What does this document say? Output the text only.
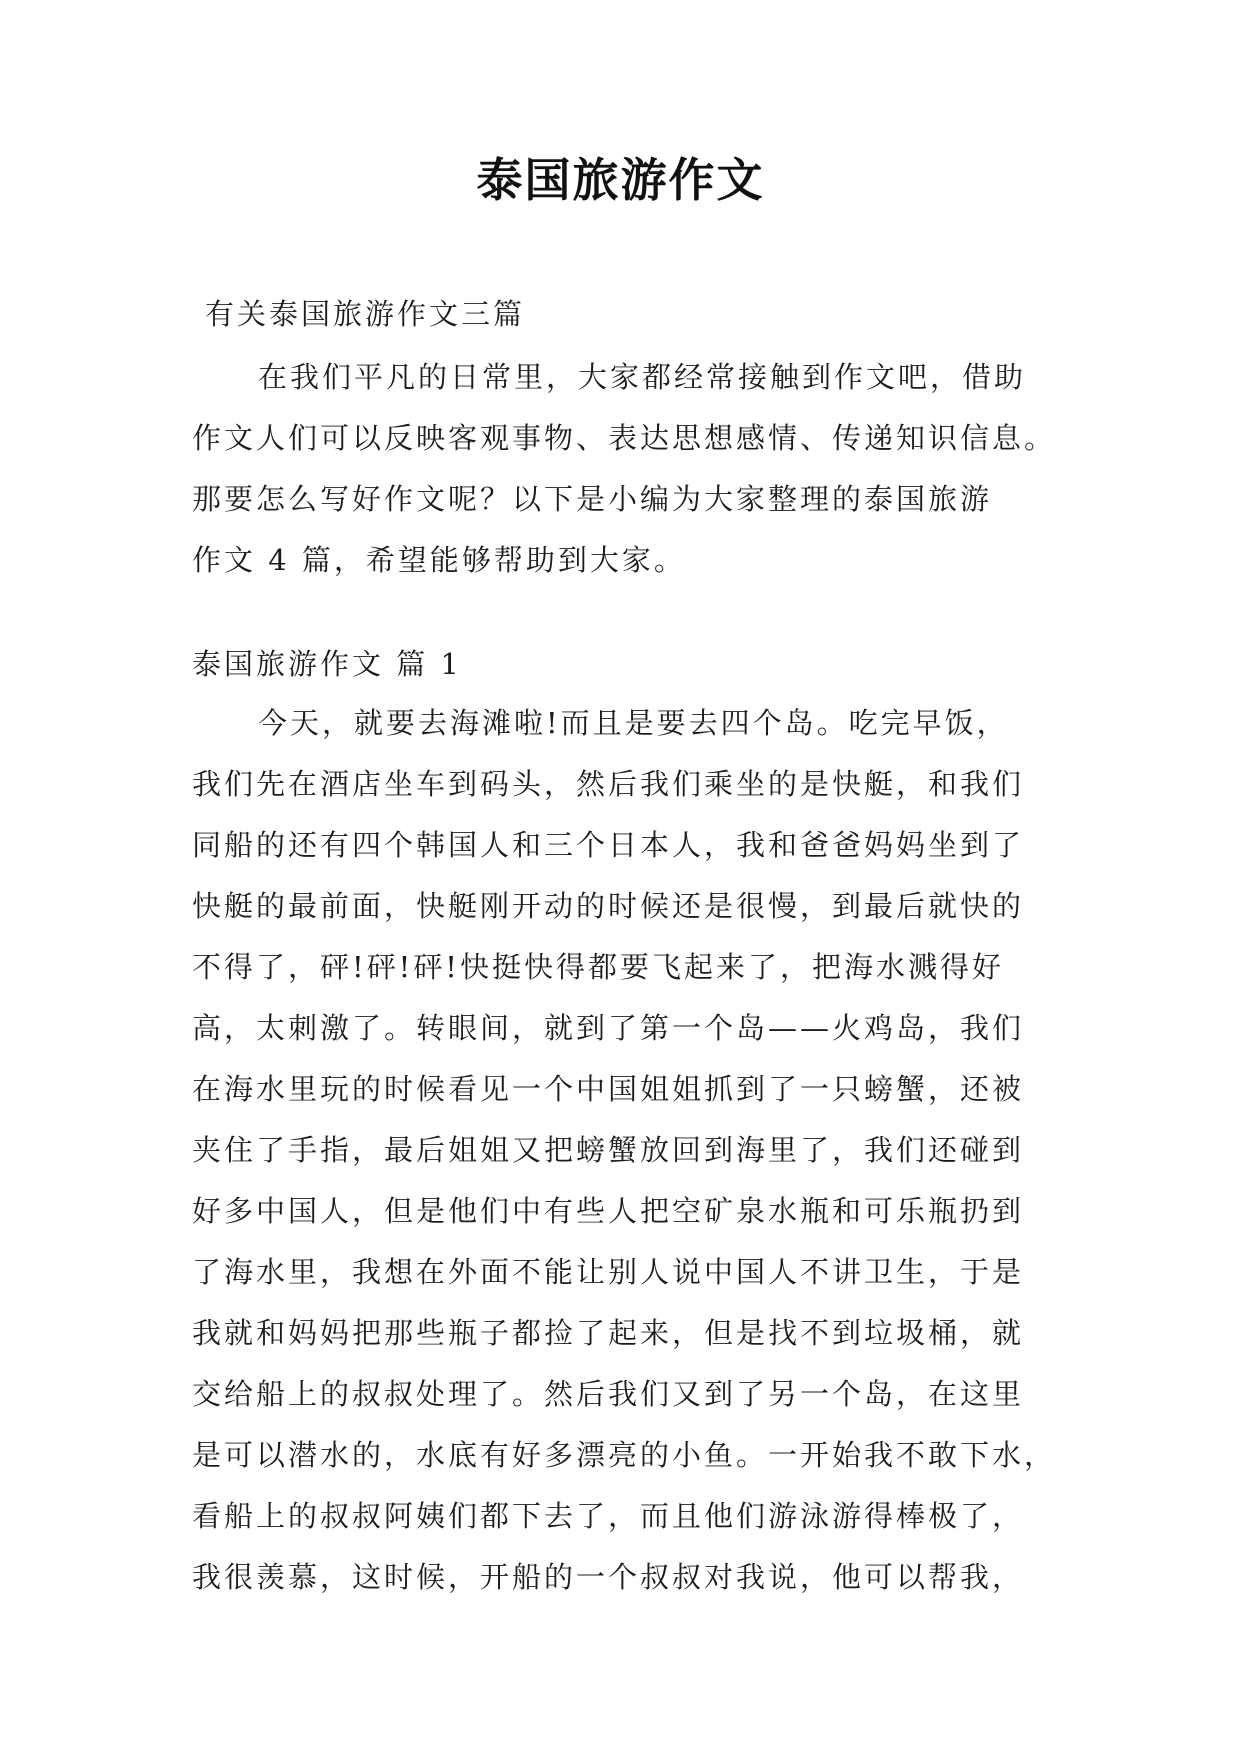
泰国旅游作文
有关泰国旅游作文三篇
在我们平凡的日常里，大家都经常接触到作文吧，借助
作文人们可以反映客观事物、表达思想感情、传递知识信息。
那要怎么写好作文呢？以下是小编为大家整理的泰国旅游
作文 4 篇，希望能够帮助到大家。
泰国旅游作文 篇 1
今天，就要去海滩啦!而且是要去四个岛。吃完早饭，
我们先在酒店坐车到码头，然后我们乘坐的是快艇，和我们
同船的还有四个韩国人和三个日本人，我和爸爸妈妈坐到了
快艇的最前面，快艇刚开动的时候还是很慢，到最后就快的
不得了，砰!砰!砰!快挺快得都要飞起来了，把海水溅得好
高，太刺激了。转眼间，就到了第一个岛——火鸡岛，我们
在海水里玩的时候看见一个中国姐姐抓到了一只螃蟹，还被
夹住了手指，最后姐姐又把螃蟹放回到海里了，我们还碰到
好多中国人，但是他们中有些人把空矿泉水瓶和可乐瓶扔到
了海水里，我想在外面不能让别人说中国人不讲卫生，于是
我就和妈妈把那些瓶子都捡了起来，但是找不到垃圾桶，就
交给船上的叔叔处理了。然后我们又到了另一个岛，在这里
是可以潜水的，水底有好多漂亮的小鱼。一开始我不敢下水，
看船上的叔叔阿姨们都下去了，而且他们游泳游得棒极了，
我很羡慕，这时候，开船的一个叔叔对我说，他可以帮我，
